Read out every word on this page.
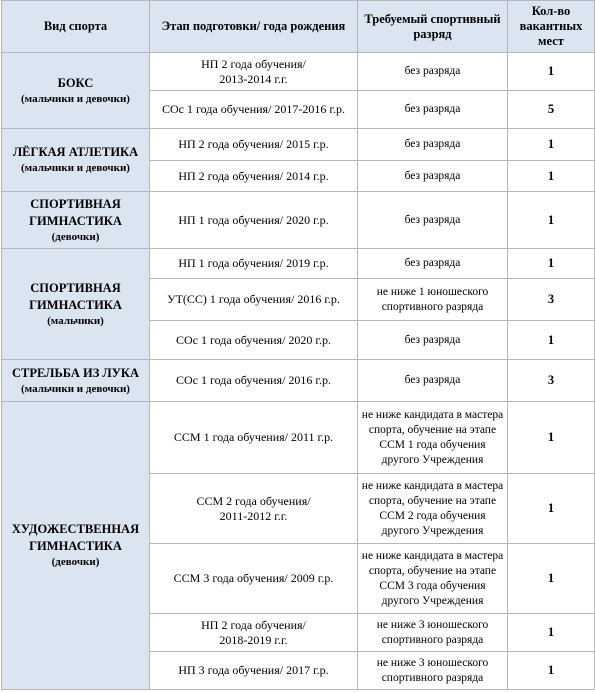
Вид спорта	Этап подготовки/ года рождения	Требуемый спортивный разряд	Кол-во вакантных мест

БОКС
(мальчики и девочки)	НП 2 года обучения/
2013-2014 г.г.	без разряда	1
	СОс 1 года обучения/ 2017-2016 г.р.	без разряда	5

ЛЁГКАЯ АТЛЕТИКА
(мальчики и девочки)	НП 2 года обучения/ 2015 г.р.	без разряда	1
	НП 2 года обучения/ 2014 г.р.	без разряда	1

СПОРТИВНАЯ
ГИМНАСТИКА
(девочки)	НП 1 года обучения/ 2020 г.р.	без разряда	1

СПОРТИВНАЯ
ГИМНАСТИКА
(мальчики)	НП 1 года обучения/ 2019 г.р.	без разряда	1
	УТ(СС) 1 года обучения/ 2016 г.р.	не ниже 1 юношеского
спортивного разряда	3
	СОс 1 года обучения/ 2020 г.р.	без разряда	1

СТРЕЛЬБА ИЗ ЛУКА
(мальчики и девочки)	СОс 1 года обучения/ 2016 г.р.	без разряда	3

ХУДОЖЕСТВЕННАЯ
ГИМНАСТИКА
(девочки)	ССМ 1 года обучения/ 2011 г.р.	не ниже кандидата в мастера
спорта, обучение на этапе
ССМ 1 года обучения
другого Учреждения	1
	ССМ 2 года обучения/
2011-2012 г.г.	не ниже кандидата в мастера
спорта, обучение на этапе
ССМ 2 года обучения
другого Учреждения	1
	ССМ 3 года обучения/ 2009 г.р.	не ниже кандидата в мастера
спорта, обучение на этапе
ССМ 3 года обучения
другого Учреждения	1
	НП 2 года обучения/
2018-2019 г.г.	не ниже 3 юношеского
спортивного разряда	1
	НП 3 года обучения/ 2017 г.р.	не ниже 3 юношеского
спортивного разряда	1
